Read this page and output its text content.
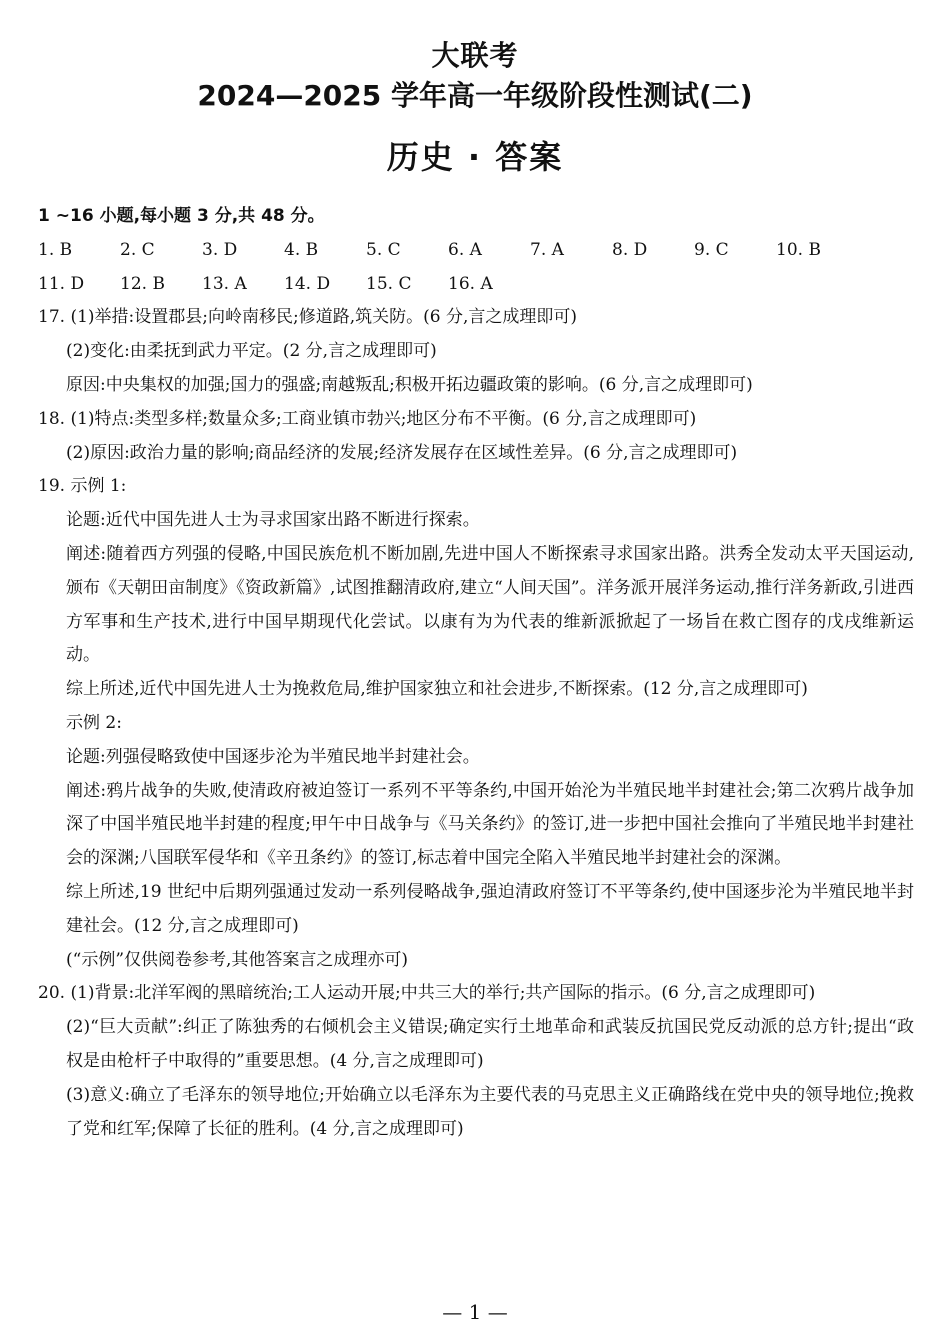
大联考
2024—2025 学年高一年级阶段性测试(二)
历史 · 答案
1 ~16 小题,每小题 3 分,共 48 分。
1. B	2. C	3. D	4. B	5. C	6. A	7. A	8. D	9. C	10. B
11. D	12. B	13. A	14. D	15. C	16. A
17. (1)举措:设置郡县;向岭南移民;修道路,筑关防。(6 分,言之成理即可)
(2)变化:由柔抚到武力平定。(2 分,言之成理即可)
原因:中央集权的加强;国力的强盛;南越叛乱;积极开拓边疆政策的影响。(6 分,言之成理即可)
18. (1)特点:类型多样;数量众多;工商业镇市勃兴;地区分布不平衡。(6 分,言之成理即可)
(2)原因:政治力量的影响;商品经济的发展;经济发展存在区域性差异。(6 分,言之成理即可)
19. 示例 1:
论题:近代中国先进人士为寻求国家出路不断进行探索。
阐述:随着西方列强的侵略,中国民族危机不断加剧,先进中国人不断探索寻求国家出路。洪秀全发动太平天国运动,颁布《天朝田亩制度》《资政新篇》,试图推翻清政府,建立“人间天国”。洋务派开展洋务运动,推行洋务新政,引进西方军事和生产技术,进行中国早期现代化尝试。以康有为为代表的维新派掀起了一场旨在救亡图存的戊戌维新运动。
综上所述,近代中国先进人士为挽救危局,维护国家独立和社会进步,不断探索。(12 分,言之成理即可)
示例 2:
论题:列强侵略致使中国逐步沦为半殖民地半封建社会。
阐述:鸦片战争的失败,使清政府被迫签订一系列不平等条约,中国开始沦为半殖民地半封建社会;第二次鸦片战争加深了中国半殖民地半封建的程度;甲午中日战争与《马关条约》的签订,进一步把中国社会推向了半殖民地半封建社会的深渊;八国联军侵华和《辛丑条约》的签订,标志着中国完全陷入半殖民地半封建社会的深渊。
综上所述,19 世纪中后期列强通过发动一系列侵略战争,强迫清政府签订不平等条约,使中国逐步沦为半殖民地半封建社会。(12 分,言之成理即可)
(“示例”仅供阅卷参考,其他答案言之成理亦可)
20. (1)背景:北洋军阀的黑暗统治;工人运动开展;中共三大的举行;共产国际的指示。(6 分,言之成理即可)
(2)“巨大贡献”:纠正了陈独秀的右倾机会主义错误;确定实行土地革命和武装反抗国民党反动派的总方针;提出“政权是由枪杆子中取得的”重要思想。(4 分,言之成理即可)
(3)意义:确立了毛泽东的领导地位;开始确立以毛泽东为主要代表的马克思主义正确路线在党中央的领导地位;挽救了党和红军;保障了长征的胜利。(4 分,言之成理即可)
— 1 —
